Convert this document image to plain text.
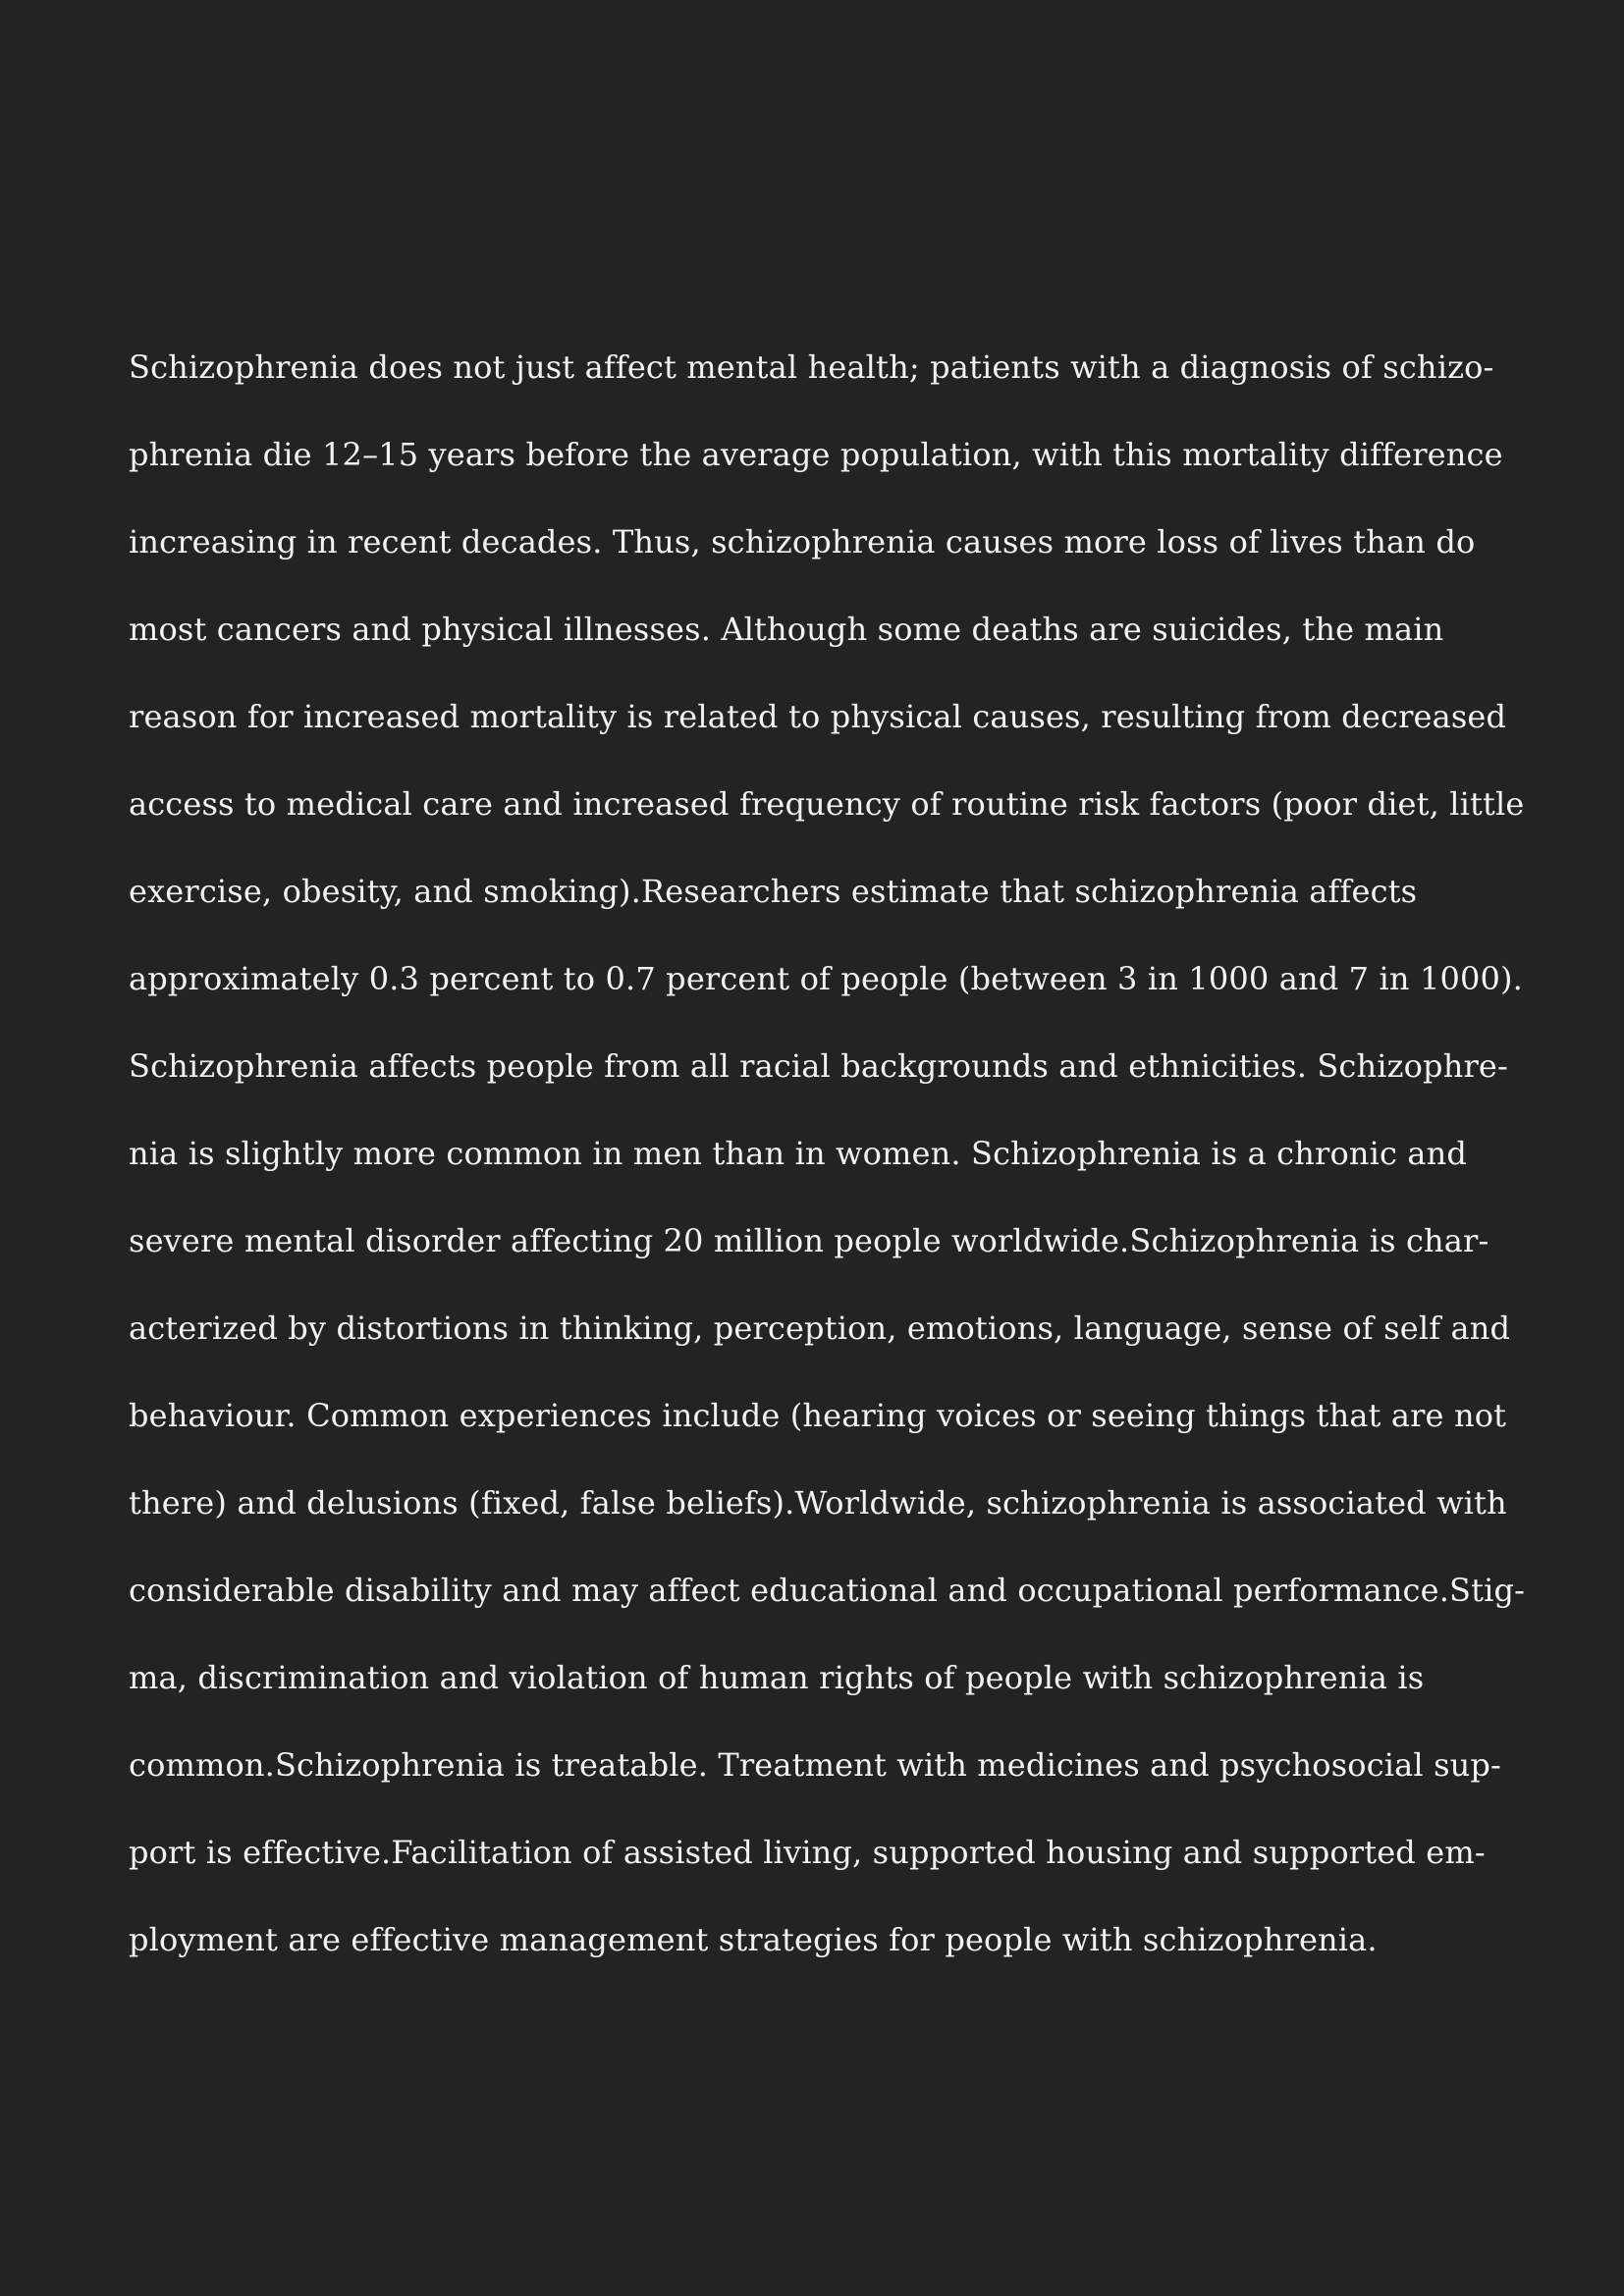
Schizophrenia does not just affect mental health; patients with a diagnosis of schizo-
phrenia die 12–15 years before the average population, with this mortality difference
increasing in recent decades. Thus, schizophrenia causes more loss of lives than do
most cancers and physical illnesses. Although some deaths are suicides, the main
reason for increased mortality is related to physical causes, resulting from decreased
access to medical care and increased frequency of routine risk factors (poor diet, little
exercise, obesity, and smoking).Researchers estimate that schizophrenia affects
approximately 0.3 percent to 0.7 percent of people (between 3 in 1000 and 7 in 1000).
Schizophrenia affects people from all racial backgrounds and ethnicities. Schizophre-
nia is slightly more common in men than in women. Schizophrenia is a chronic and
severe mental disorder affecting 20 million people worldwide.Schizophrenia is char-
acterized by distortions in thinking, perception, emotions, language, sense of self and
behaviour. Common experiences include (hearing voices or seeing things that are not
there) and delusions (fixed, false beliefs).Worldwide, schizophrenia is associated with
considerable disability and may affect educational and occupational performance.Stig-
ma, discrimination and violation of human rights of people with schizophrenia is
common.Schizophrenia is treatable. Treatment with medicines and psychosocial sup-
port is effective.Facilitation of assisted living, supported housing and supported em-
ployment are effective management strategies for people with schizophrenia.
